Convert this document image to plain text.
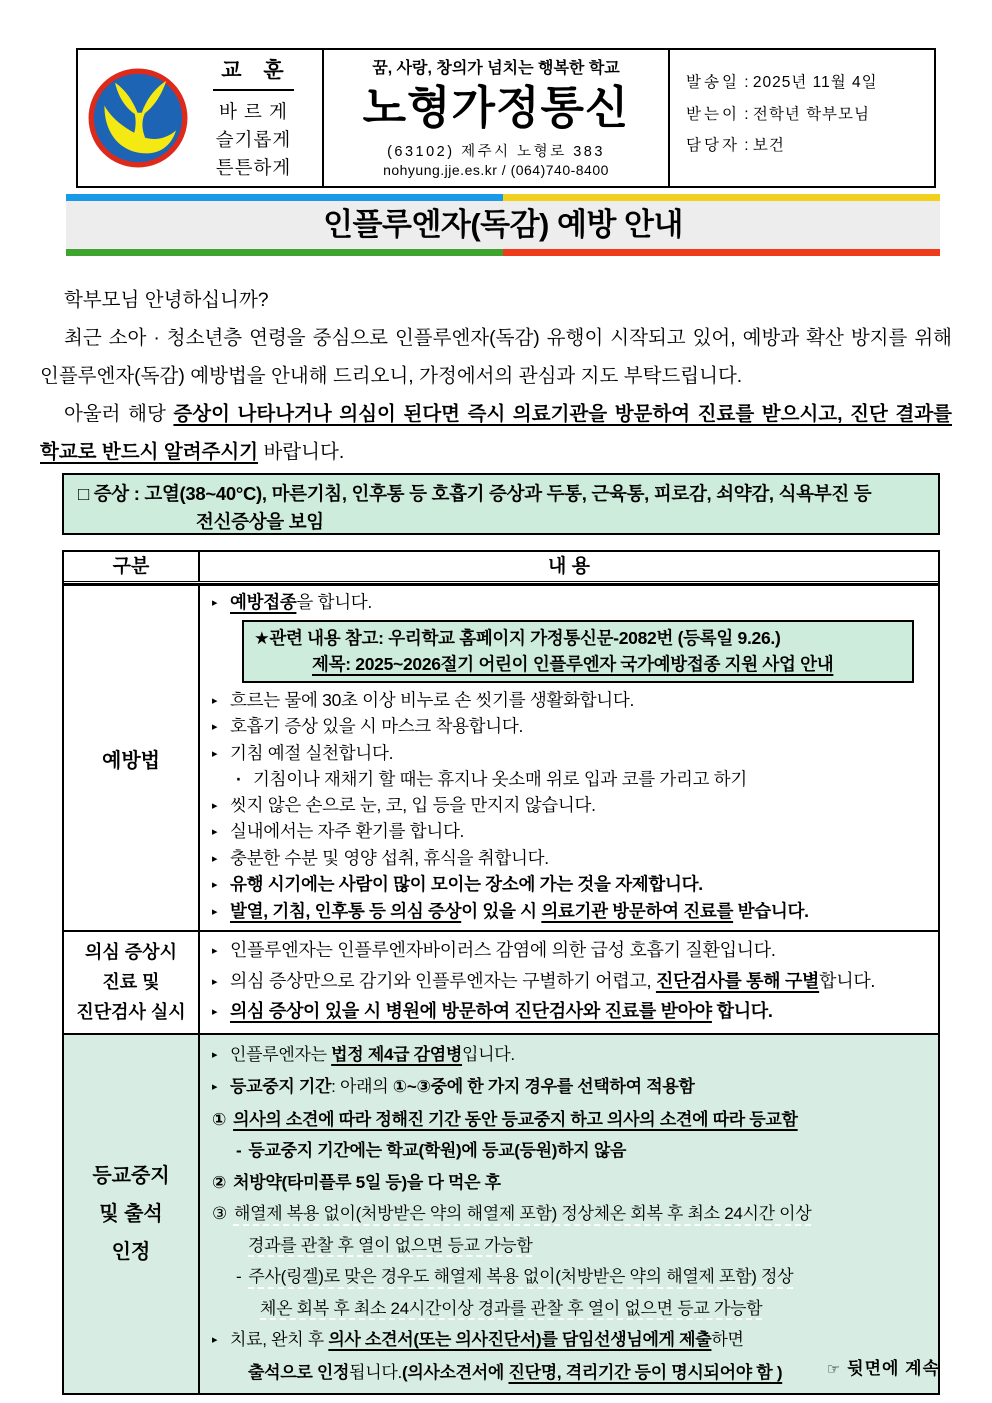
교 훈
바 르 게
슬기롭게
튼튼하게
꿈, 사랑, 창의가 넘치는 행복한 학교
노형가정통신
(63102) 제주시 노형로 383
nohyung.jje.es.kr / (064)740-8400
발송일 : 2025년 11월 4일
받는이 : 전학년 학부모님
담당자 : 보건
인플루엔자(독감) 예방 안내
학부모님 안녕하십니까?
최근 소아 · 청소년층 연령을 중심으로 인플루엔자(독감) 유행이 시작되고 있어, 예방과 확산 방지를 위해 인플루엔자(독감) 예방법을 안내해 드리오니, 가정에서의 관심과 지도 부탁드립니다.
아울러 해당 증상이 나타나거나 의심이 된다면 즉시 의료기관을 방문하여 진료를 받으시고, 진단 결과를 학교로 반드시 알려주시기 바랍니다.
□ 증상 : 고열(38~40°C), 마른기침, 인후통 등 호흡기 증상과 두통, 근육통, 피로감, 쇠약감, 식욕부진 등 전신증상을 보임
구분	내 용
예방법
▸ 예방접종을 합니다.
★관련 내용 참고: 우리학교 홈페이지 가정통신문-2082번 (등록일 9.26.)
제목: 2025~2026절기 어린이 인플루엔자 국가예방접종 지원 사업 안내
▸ 흐르는 물에 30초 이상 비누로 손 씻기를 생활화합니다.
▸ 호흡기 증상 있을 시 마스크 착용합니다.
▸ 기침 예절 실천합니다.
· 기침이나 재채기 할 때는 휴지나 옷소매 위로 입과 코를 가리고 하기
▸ 씻지 않은 손으로 눈, 코, 입 등을 만지지 않습니다.
▸ 실내에서는 자주 환기를 합니다.
▸ 충분한 수분 및 영양 섭취, 휴식을 취합니다.
▸ 유행 시기에는 사람이 많이 모이는 장소에 가는 것을 자제합니다.
▸ 발열, 기침, 인후통 등 의심 증상이 있을 시 의료기관 방문하여 진료를 받습니다.
의심 증상시
진료 및
진단검사 실시
▸ 인플루엔자는 인플루엔자바이러스 감염에 의한 급성 호흡기 질환입니다.
▸ 의심 증상만으로 감기와 인플루엔자는 구별하기 어렵고, 진단검사를 통해 구별합니다.
▸ 의심 증상이 있을 시 병원에 방문하여 진단검사와 진료를 받아야 합니다.
등교중지
및 출석
인정
▸ 인플루엔자는 법정 제4급 감염병입니다.
▸ 등교중지 기간: 아래의 ①~③중에 한 가지 경우를 선택하여 적용함
① 의사의 소견에 따라 정해진 기간 동안 등교중지 하고 의사의 소견에 따라 등교함
- 등교중지 기간에는 학교(학원)에 등교(등원)하지 않음
② 처방약(타미플루 5일 등)을 다 먹은 후
③ 해열제 복용 없이(처방받은 약의 해열제 포함) 정상체온 회복 후 최소 24시간 이상
경과를 관찰 후 열이 없으면 등교 가능함
- 주사(링겔)로 맞은 경우도 해열제 복용 없이(처방받은 약의 해열제 포함) 정상
체온 회복 후 최소 24시간이상 경과를 관찰 후 열이 없으면 등교 가능함
▸ 치료, 완치 후 의사 소견서(또는 의사진단서)를 담임선생님에게 제출하면
출석으로 인정됩니다.(의사소견서에 진단명, 격리기간 등이 명시되어야 함 )	☞ 뒷면에 계속
